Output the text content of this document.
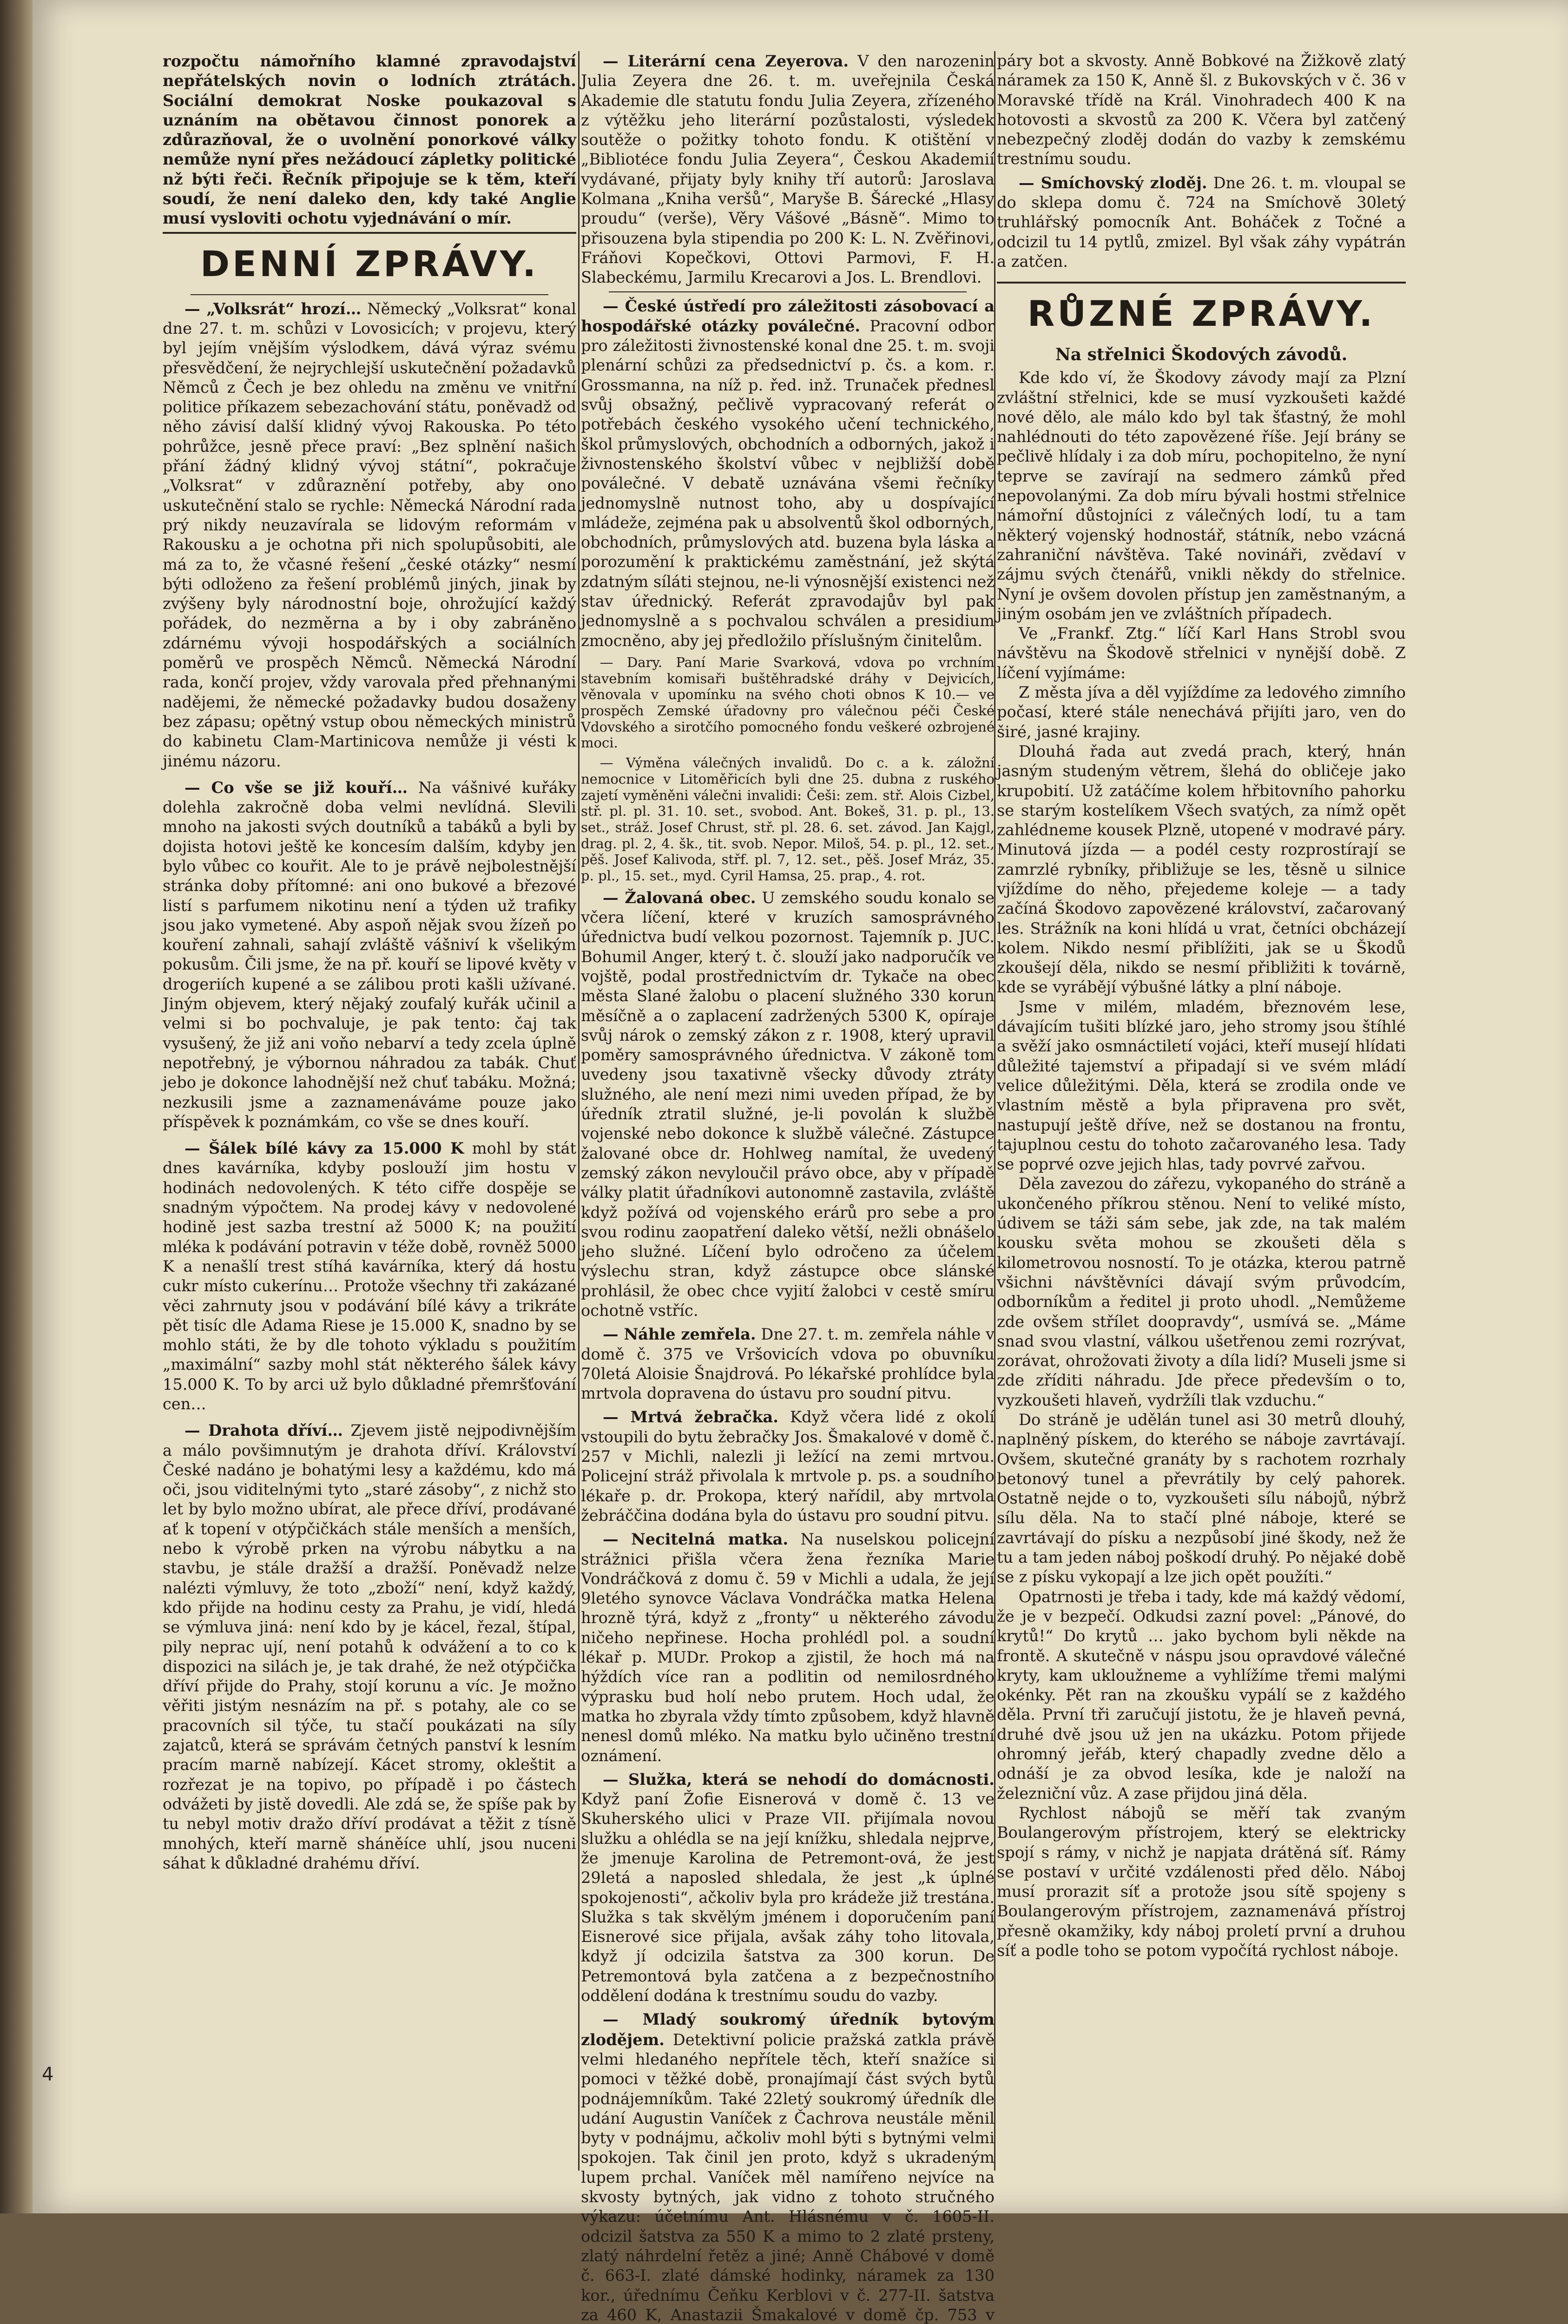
rozpočtu námořního klamné zpravodajství nepřátelských novin o lodních ztrátách. Sociální demokrat Noske poukazoval s uznáním na obětavou činnost ponorek a zdůrazňoval, že o uvolnění ponorkové války nemůže nyní přes nežádoucí zápletky politické nž býti řeči. Řečník připojuje se k těm, kteří soudí, že není daleko den, kdy také Anglie musí vysloviti ochotu vyjednávání o mír.

DENNÍ ZPRÁVY.

— „Volksrát“ hrozí… Německý „Volksrat“ konal dne 27. t. m. schůzi v Lovosicích; v projevu, který byl jejím vnějším výslodkem, dává výraz svému přesvědčení, že nejrychlejší uskutečnění požadavků Němců z Čech je bez ohledu na změnu ve vnitřní politice příkazem sebezachování státu, poněvadž od něho závisí další klidný vývoj Rakouska. Po této pohrůžce, jesně přece praví: „Bez splnění našich přání žádný klidný vývoj státní“, pokračuje „Volksrat“ v zdůraznění potřeby, aby ono uskutečnění stalo se rychle: Německá Národní rada prý nikdy neuzavírala se lidovým reformám v Rakousku a je ochotna při nich spolupůsobiti, ale má za to, že včasné řešení „české otázky“ nesmí býti odloženo za řešení problémů jiných, jinak by zvýšeny byly národnostní boje, ohrožující každý pořádek, do nezměrna a by i oby zabráněno zdárnému vývoji hospodářských a sociálních poměrů ve prospěch Němců. Německá Národní rada, končí projev, vždy varovala před přehnanými nadějemi, že německé požadavky budou dosaženy bez zápasu; opětný vstup obou německých ministrů do kabinetu Clam-Martinicova nemůže ji vésti k jinému názoru.

— Co vše se již kouří… Na vášnivé kuřáky dolehla zakročně doba velmi nevlídná. Slevili mnoho na jakosti svých doutníků a tabáků a byli by dojista hotovi ještě ke koncesím dalším, kdyby jen bylo vůbec co kouřit. Ale to je právě nejbolestnější stránka doby přítomné: ani ono bukové a březové listí s parfumem nikotinu není a týden už trafiky jsou jako vymetené. Aby aspoň nějak svou žízeň po kouření zahnali, sahají zvláště vášniví k všelikým pokusům. Čili jsme, že na př. kouří se lipové květy v drogeriích kupené a se zálibou proti kašli užívané. Jiným objevem, který nějaký zoufalý kuřák učinil a velmi si bo pochvaluje, je pak tento: čaj tak vysušený, že již ani voňo nebarví a tedy zcela úplně nepotřebný, je výbornou náhradou za tabák. Chuť jebo je dokonce lahodnější než chuť tabáku. Možná; nezkusili jsme a zaznamenáváme pouze jako příspěvek k poznámkám, co vše se dnes kouří.

— Šálek bílé kávy za 15.000 K mohl by stát dnes kavárníka, kdyby poslouží jim hostu v hodinách nedovolených. K této cifře dospěje se snadným výpočtem. Na prodej kávy v nedovolené hodině jest sazba trestní až 5000 K; na použití mléka k podávání potravin v téže době, rovněž 5000 K a nenašlí trest stíhá kavárníka, který dá hostu cukr místo cukerínu… Protože všechny tři zakázané věci zahrnuty jsou v podávání bílé kávy a trikráte pět tisíc dle Adama Riese je 15.000 K, snadno by se mohlo státi, že by dle tohoto výkladu s použitím „maximální“ sazby mohl stát některého šálek kávy 15.000 K. To by arci už bylo důkladné přemršťování cen…

— Drahota dříví… Zjevem jistě nejpodivnějším a málo povšimnutým je drahota dříví. Království České nadáno je bohatými lesy a každému, kdo má oči, jsou viditelnými tyto „staré zásoby“, z nichž sto let by bylo možno ubírat, ale přece dříví, prodávané ať k topení v otýpčičkách stále menších a menších, nebo k výrobě prken na výrobu nábytku a na stavbu, je stále dražší a dražší. Poněvadž nelze nalézti výmluvy, že toto „zboží“ není, když každý, kdo přijde na hodinu cesty za Prahu, je vidí, hledá se výmluva jiná: není kdo by je kácel, řezal, štípal, pily neprac ují, není potahů k odvážení a to co k dispozici na silách je, je tak drahé, že než otýpčička dříví přijde do Prahy, stojí korunu a víc. Je možno věřiti jistým nesnázím na př. s potahy, ale co se pracovních sil týče, tu stačí poukázati na síly zajatců, která se správám četných panství k lesním pracím marně nabízejí. Kácet stromy, okleštit a rozřezat je na topivo, po případě i po částech odvážeti by jistě dovedli. Ale zdá se, že spíše pak by tu nebyl motiv dražo dříví prodávat a těžit z tísně mnohých, kteří marně sháněíce uhlí, jsou nuceni sáhat k důkladné drahému dříví.

— Literární cena Zeyerova. V den narozenin Julia Zeyera dne 26. t. m. uveřejnila Česká Akademie dle statutu fondu Julia Zeyera, zřízeného z výtěžku jeho literární pozůstalosti, výsledek soutěže o požitky tohoto fondu. K otištění v „Bibliotéce fondu Julia Zeyera“, Českou Akademií vydávané, přijaty byly knihy tří autorů: Jaroslava Kolmana „Kniha veršů“, Maryše B. Šárecké „Hlasy proudu“ (verše), Věry Vášové „Básně“. Mimo to přisouzena byla stipendia po 200 K: L. N. Zvěřinovi, Fráňovi Kopečkovi, Ottovi Parmovi, F. H. Slabeckému, Jarmilu Krecarovi a Jos. L. Brendlovi.

— České ústředí pro záležitosti zásobovací a hospodářské otázky poválečné. Pracovní odbor pro záležitosti živnostenské konal dne 25. t. m. svoji plenární schůzi za předsednictví p. čs. a kom. r. Grossmanna, na níž p. řed. inž. Trunaček přednesl svůj obsažný, pečlivě vypracovaný referát o potřebách českého vysokého učení technického, škol průmyslových, obchodních a odborných, jakož i živnostenského školství vůbec v nejbližší době poválečné. V debatě uznávána všemi řečníky jednomyslně nutnost toho, aby u dospívající mládeže, zejména pak u absolventů škol odborných, obchodních, průmyslových atd. buzena byla láska a porozumění k praktickému zaměstnání, jež skýtá zdatným síláti stejnou, ne-li výnosnější existenci než stav úřednický. Referát zpravodajův byl pak jednomyslně a s pochvalou schválen a presidium zmocněno, aby jej předložilo příslušným činitelům.

— Dary. Paní Marie Svarková, vdova po vrchním stavebním komisaři buštěhradské dráhy v Dejvicích, věnovala v upomínku na svého choti obnos K 10.— ve prospěch Zemské úřadovny pro válečnou péči České Vdovského a sirotčího pomocného fondu veškeré ozbrojené moci.

— Výměna válečných invalidů. Do c. a k. záložní nemocnice v Litoměřicích byli dne 25. dubna z ruského zajetí vyměněni válečni invalidi: Češi: zem. stř. Alois Cizbel, stř. pl. pl. 31. 10. set., svobod. Ant. Bokeš, 31. p. pl., 13. set., stráž. Josef Chrust, stř. pl. 28. 6. set. závod. Jan Kajgl, drag. pl. 2, 4. šk., tit. svob. Nepor. Miloš, 54. p. pl., 12. set., pěš. Josef Kalivoda, střf. pl. 7, 12. set., pěš. Josef Mráz, 35. p. pl., 15. set., myd. Cyril Hamsa, 25. prap., 4. rot.

— Žalovaná obec. U zemského soudu konalo se včera líčení, které v kruzích samosprávného úřednictva budí velkou pozornost. Tajemník p. JUC. Bohumil Anger, který t. č. slouží jako nadporučík ve vojště, podal prostřednictvím dr. Tykače na obec města Slané žalobu o placení služného 330 korun měsíčně a o zaplacení zadržených 5300 K, opíraje svůj nárok o zemský zákon z r. 1908, který upravil poměry samosprávného úřednictva. V zákoně tom uvedeny jsou taxativně všecky důvody ztráty služného, ale není mezi nimi uveden případ, že by úředník ztratil služné, je-li povolán k službě vojenské nebo dokonce k službě válečné. Zástupce žalované obce dr. Hohlweg namítal, že uvedený zemský zákon nevyloučil právo obce, aby v případě války platit úřadníkovi autonomně zastavila, zvláště když požívá od vojenského erárů pro sebe a pro svou rodinu zaopatření daleko větší, nežli obnášelo jeho služné. Líčení bylo odročeno za účelem výslechu stran, když zástupce obce slánské prohlásil, že obec chce vyjití žalobci v cestě smíru ochotně vstříc.

— Náhle zemřela. Dne 27. t. m. zemřela náhle v domě č. 375 ve Vršovicích vdova po obuvníku 70letá Aloisie Šnajdrová. Po lékařské prohlídce byla mrtvola dopravena do ústavu pro soudní pitvu.

— Mrtvá žebračka. Když včera lidé z okolí vstoupili do bytu žebračky Jos. Šmakalové v domě č. 257 v Michli, nalezli ji ležící na zemi mrtvou. Policejní stráž přivolala k mrtvole p. ps. a soudního lékaře p. dr. Prokopa, který nařídil, aby mrtvola žebráččina dodána byla do ústavu pro soudní pitvu.

— Necitelná matka. Na nuselskou policejní strážnici přišla včera žena řezníka Marie Vondráčková z domu č. 59 v Michli a udala, že její 9letého synovce Václava Vondráčka matka Helena hrozně týrá, když z „fronty“ u některého závodu ničeho nepřinese. Hocha prohlédl pol. a soudní lékař p. MUDr. Prokop a zjistil, že hoch má na hýždích více ran a podlitin od nemilosrdného výprasku bud holí nebo prutem. Hoch udal, že matka ho zbyrala vždy tímto způsobem, když hlavně nenesl domů mléko. Na matku bylo učiněno trestní oznámení.

— Služka, která se nehodí do domácnosti. Když paní Žofie Eisnerová v domě č. 13 ve Skuherského ulici v Praze VII. přijímala novou služku a ohlédla se na její knížku, shledala nejprve, že jmenuje Karolina de Petremont-ová, že jest 29letá a naposled shledala, že jest „k úplné spokojenosti“, ačkoliv byla pro krádeže již trestána. Služka s tak skvělým jménem i doporučením paní Eisnerové sice přijala, avšak záhy toho litovala, když jí odcizila šatstva za 300 korun. De Petremontová byla zatčena a z bezpečnostního oddělení dodána k trestnímu soudu do vazby.

— Mladý soukromý úředník bytovým zlodějem. Detektivní policie pražská zatkla právě velmi hledaného nepřítele těch, kteří snažíce si pomoci v těžké době, pronajímají část svých bytů podnájemníkům. Také 22letý soukromý úředník dle udání Augustin Vaníček z Čachrova neustále měnil byty v podnájmu, ačkoliv mohl býti s bytnými velmi spokojen. Tak činil jen proto, když s ukradeným lupem prchal. Vaníček měl namířeno nejvíce na skvosty bytných, jak vidno z tohoto stručného výkazu: účetnímu Ant. Hlásnému v č. 1605-II. odcizil šatstva za 550 K a mimo to 2 zlaté prsteny, zlatý náhrdelní řetěz a jiné; Anně Chábové v domě č. 663-I. zlaté dámské hodinky, náramek za 130 kor., úřednímu Čeňku Kerblovi v č. 277-II. šatstva za 460 K, Anastazii Šmakalové v domě čp. 753 v

páry bot a skvosty. Anně Bobkové na Žižkově zlatý náramek za 150 K, Anně šl. z Bukovských v č. 36 v Moravské třídě na Král. Vinohradech 400 K na hotovosti a skvostů za 200 K. Včera byl zatčený nebezpečný zloděj dodán do vazby k zemskému trestnímu soudu.

— Smíchovský zloděj. Dne 26. t. m. vloupal se do sklepa domu č. 724 na Smíchově 30letý truhlářský pomocník Ant. Boháček z Točné a odcizil tu 14 pytlů, zmizel. Byl však záhy vypátrán a zatčen.

RŮZNÉ ZPRÁVY.
Na střelnici Škodových závodů.

Kde kdo ví, že Škodovy závody mají za Plzní zvláštní střelnici, kde se musí vyzkoušeti každé nové dělo, ale málo kdo byl tak šťastný, že mohl nahlédnouti do této zapovězené říše. Její brány se pečlivě hlídaly i za dob míru, pochopitelno, že nyní teprve se zavírají na sedmero zámků před nepovolanými. Za dob míru bývali hostmi střelnice námořní důstojníci z válečných lodí, tu a tam některý vojenský hodnostář, státník, nebo vzácná zahraniční návštěva. Také novináři, zvědaví v zájmu svých čtenářů, vnikli někdy do střelnice. Nyní je ovšem dovolen přístup jen zaměstnaným, a jiným osobám jen ve zvláštních případech.

Ve „Frankf. Ztg.“ líčí Karl Hans Strobl svou návštěvu na Škodově střelnici v nynější době. Z líčení vyjímáme:

Z města jíva a děl vyjíždíme za ledového zimního počasí, které stále nenechává přijíti jaro, ven do širé, jasné krajiny.

Dlouhá řada aut zvedá prach, který, hnán jasným studeným větrem, šlehá do obličeje jako krupobití. Už zatáčíme kolem hřbitovního pahorku se starým kostelíkem Všech svatých, za nímž opět zahlédneme kousek Plzně, utopené v modravé páry. Minutová jízda — a podél cesty rozprostírají se zamrzlé rybníky, přibližuje se les, těsně u silnice vjíždíme do něho, přejedeme koleje — a tady začíná Škodovo zapovězené království, začarovaný les. Strážník na koni hlídá u vrat, četníci obcházejí kolem. Nikdo nesmí přiblížiti, jak se u Škodů zkoušejí děla, nikdo se nesmí přibližiti k továrně, kde se vyrábějí výbušné látky a plní náboje.

Jsme v milém, mladém, březnovém lese, dávajícím tušiti blízké jaro, jeho stromy jsou štíhlé a svěží jako osmnáctiletí vojáci, kteří musejí hlídati důležité tajemství a připadají si ve svém mládí velice důležitými. Děla, která se zrodila onde ve vlastním městě a byla připravena pro svět, nastupují ještě dříve, než se dostanou na frontu, tajuplnou cestu do tohoto začarovaného lesa. Tady se poprvé ozve jejich hlas, tady povrvé zařvou.

Děla zavezou do zářezu, vykopaného do stráně a ukončeného příkrou stěnou. Není to veliké místo, údivem se táži sám sebe, jak zde, na tak malém kousku světa mohou se zkoušeti děla s kilometrovou nosností. To je otázka, kterou patrně všichni návštěvníci dávají svým průvodcím, odborníkům a ředitel ji proto uhodl. „Nemůžeme zde ovšem střílet doopravdy“, usmívá se. „Máme snad svou vlastní, válkou ušetřenou zemi rozrývat, zorávat, ohrožovati životy a díla lidí? Museli jsme si zde zříditi náhradu. Jde přece především o to, vyzkoušeti hlaveň, vydržíli tlak vzduchu.“

Do stráně je udělán tunel asi 30 metrů dlouhý, naplněný pískem, do kterého se náboje zavrtávají. Ovšem, skutečné granáty by s rachotem rozrhaly betonový tunel a převrátily by celý pahorek. Ostatně nejde o to, vyzkoušeti sílu nábojů, nýbrž sílu děla. Na to stačí plné náboje, které se zavrtávají do písku a nezpůsobí jiné škody, než že tu a tam jeden náboj poškodí druhý. Po nějaké době se z písku vykopají a lze jich opět použíti.“

Opatrnosti je třeba i tady, kde má každý vědomí, že je v bezpečí. Odkudsi zazní povel: „Pánové, do krytů!“ Do krytů … jako bychom byli někde na frontě. A skutečně v náspu jsou opravdové válečné kryty, kam ukloužneme a vyhlížíme třemi malými okénky. Pět ran na zkoušku vypálí se z každého děla. První tři zaručují jistotu, že je hlaveň pevná, druhé dvě jsou už jen na ukázku. Potom přijede ohromný jeřáb, který chapadly zvedne dělo a odnáší je za obvod lesíka, kde je naloží na železniční vůz. A zase přijdou jiná děla.

Rychlost nábojů se měří tak zvaným Boulangerovým přístrojem, který se elektricky spojí s rámy, v nichž je napjata drátěná síť. Rámy se postaví v určité vzdálenosti před dělo. Náboj musí prorazit síť a protože jsou sítě spojeny s Boulangerovým přístrojem, zaznamenává přístroj přesně okamžiky, kdy náboj proletí první a druhou síť a podle toho se potom vypočítá rychlost náboje.

4
